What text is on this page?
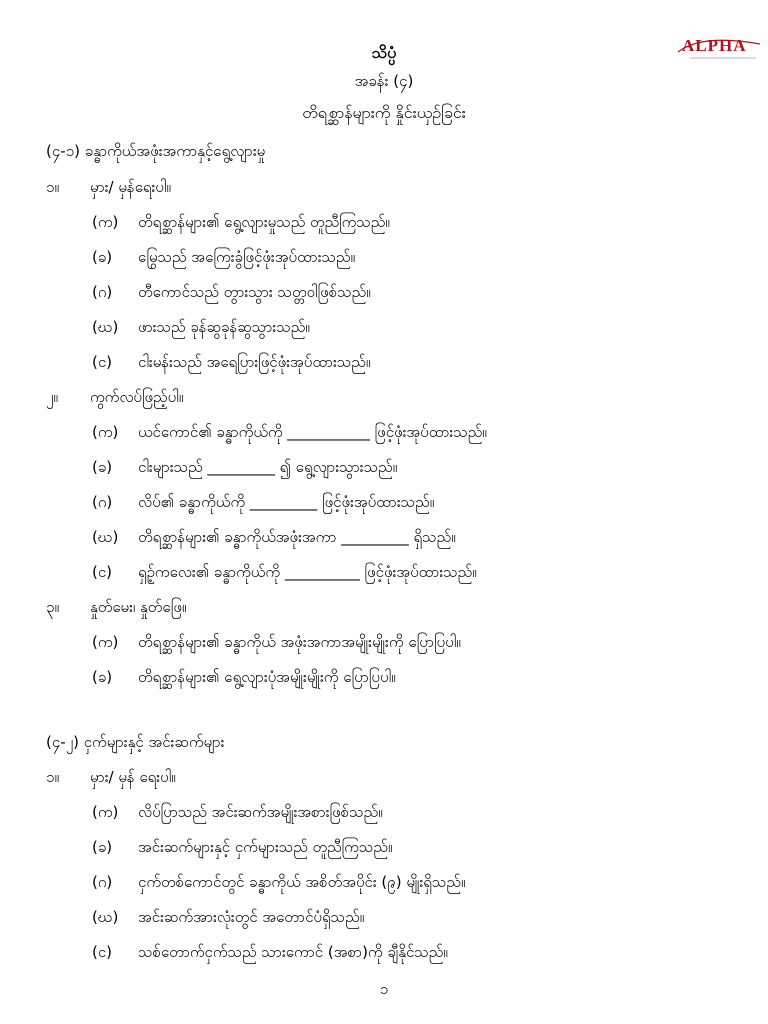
ALPHA
သိပ္ပံ
အခန်း (၄)
တိရစ္ဆာန်များကို နှိုင်းယှဉ်ခြင်း
(၄-၁) ခန္ဓာကိုယ်အဖုံးအကာနှင့်ရွေ့လျားမှု
၁။ မှား/ မှန်ရေးပါ။
(က) တိရစ္ဆာန်များ၏ ရွေ့လျားမှုသည် တူညီကြသည်။
(ခ) မြွေသည် အကြေးခွံဖြင့်ဖုံးအုပ်ထားသည်။
(ဂ) တီကောင်သည် တွားသွား သတ္တဝါဖြစ်သည်။
(ဃ) ဖားသည် ခုန်ဆွခုန်ဆွသွားသည်။
(င) ငါးမန်းသည် အရေပြားဖြင့်ဖုံးအုပ်ထားသည်။
၂။ ကွက်လပ်ဖြည့်ပါ။
(က) ယင်ကောင်၏ ခန္ဓာကိုယ်ကို ___________ ဖြင့်ဖုံးအုပ်ထားသည်။
(ခ) ငါးများသည် _________ ၍ ရွေ့လျားသွားသည်။
(ဂ) လိပ်၏ ခန္ဓာကိုယ်ကို _________ ဖြင့်ဖုံးအုပ်ထားသည်။
(ဃ) တိရစ္ဆာန်များ၏ ခန္ဓာကိုယ်အဖုံးအကာ _________ ရှိသည်။
(င) ရှဉ့်ကလေး၏ ခန္ဓာကိုယ်ကို __________ ဖြင့်ဖုံးအုပ်ထားသည်။
၃။ နှုတ်မေး၊ နှုတ်ဖြေ။
(က) တိရစ္ဆာန်များ၏ ခန္ဓာကိုယ် အဖုံးအကာအမျိုးမျိုးကို ပြောပြပါ။
(ခ) တိရစ္ဆာန်များ၏ ရွေ့လျားပုံအမျိုးမျိုးကို ပြောပြပါ။
(၄-၂) ငှက်များနှင့် အင်းဆက်များ
၁။ မှား/ မှန် ရေးပါ။
(က) လိပ်ပြာသည် အင်းဆက်အမျိုးအစားဖြစ်သည်။
(ခ) အင်းဆက်များနှင့် ငှက်များသည် တူညီကြသည်။
(ဂ) ငှက်တစ်ကောင်တွင် ခန္ဓာကိုယ် အစိတ်အပိုင်း (၉) မျိုးရှိသည်။
(ဃ) အင်းဆက်အားလုံးတွင် အတောင်ပံရှိသည်။
(င) သစ်တောက်ငှက်သည် သားကောင် (အစာ)ကို ချီနိုင်သည်။
၁
